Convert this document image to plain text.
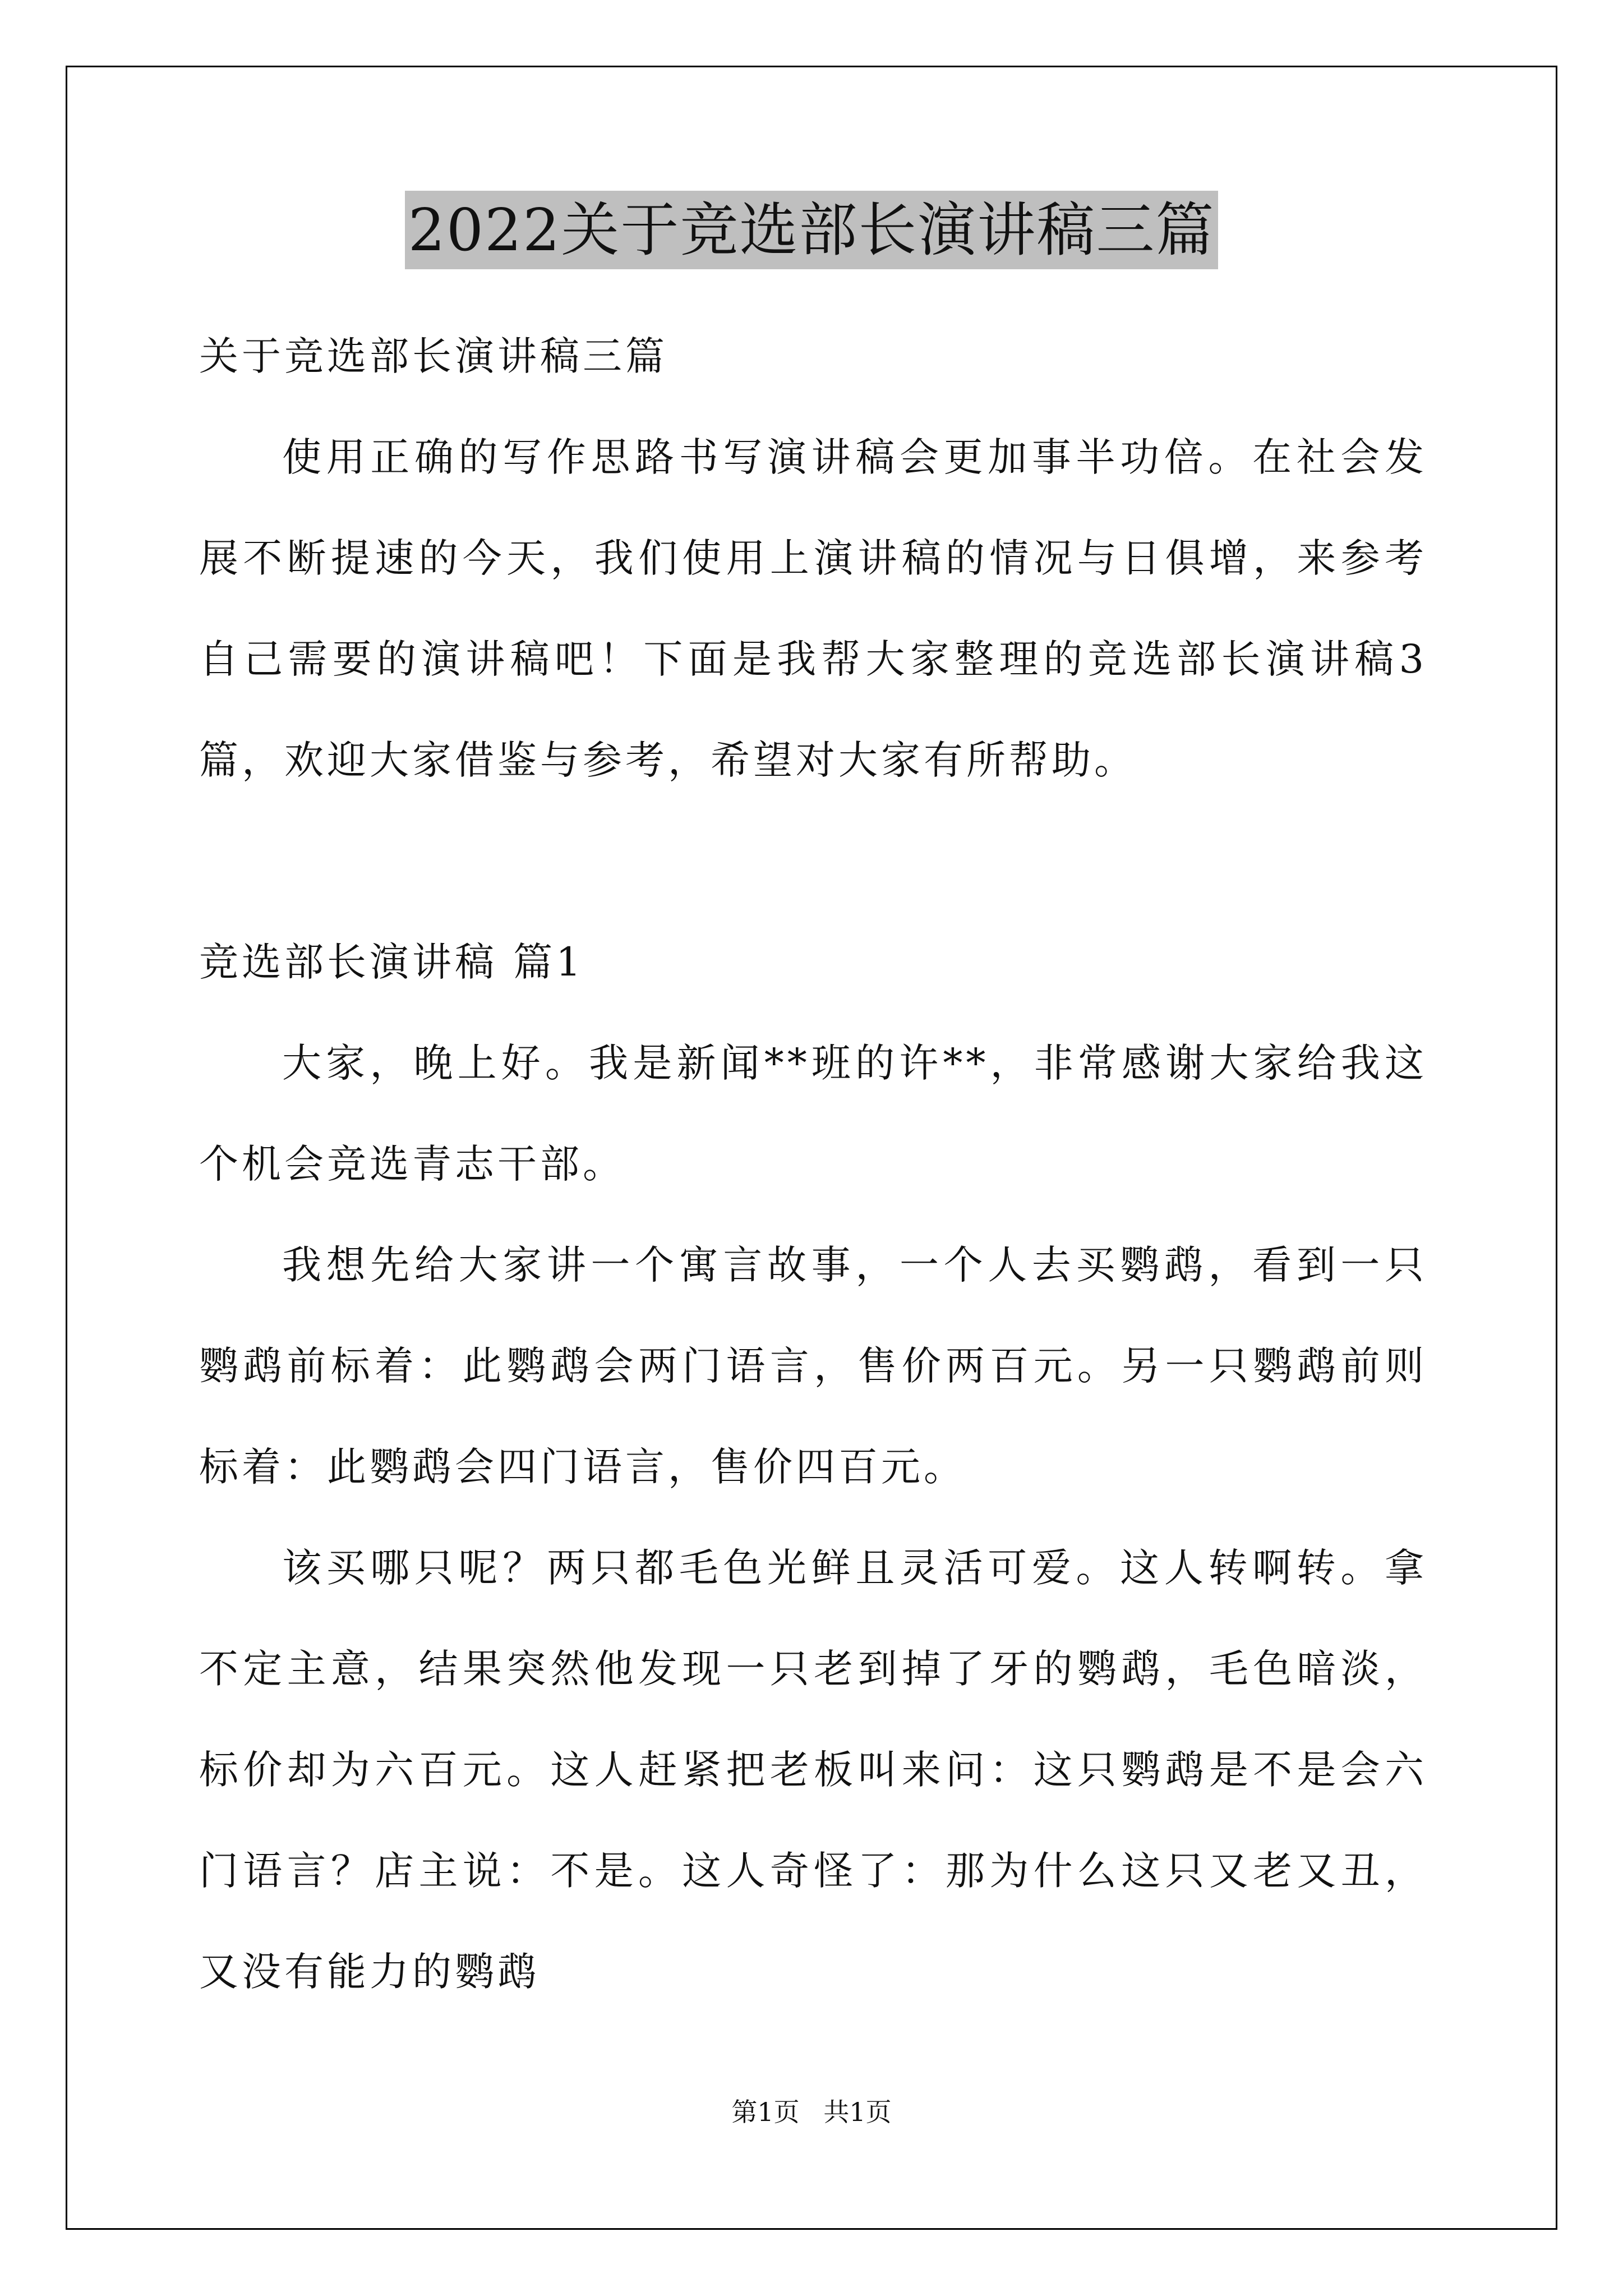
2022关于竞选部长演讲稿三篇

关于竞选部长演讲稿三篇

使用正确的写作思路书写演讲稿会更加事半功倍。在社会发展不断提速的今天，我们使用上演讲稿的情况与日俱增，来参考自己需要的演讲稿吧！下面是我帮大家整理的竞选部长演讲稿3篇，欢迎大家借鉴与参考，希望对大家有所帮助。

竞选部长演讲稿 篇1

大家，晚上好。我是新闻**班的许**，非常感谢大家给我这个机会竞选青志干部。

我想先给大家讲一个寓言故事，一个人去买鹦鹉，看到一只鹦鹉前标着：此鹦鹉会两门语言，售价两百元。另一只鹦鹉前则标着：此鹦鹉会四门语言，售价四百元。

该买哪只呢？两只都毛色光鲜且灵活可爱。这人转啊转。拿不定主意，结果突然他发现一只老到掉了牙的鹦鹉，毛色暗淡，标价却为六百元。这人赶紧把老板叫来问：这只鹦鹉是不是会六门语言？店主说：不是。这人奇怪了：那为什么这只又老又丑，又没有能力的鹦鹉

第1页 共1页
